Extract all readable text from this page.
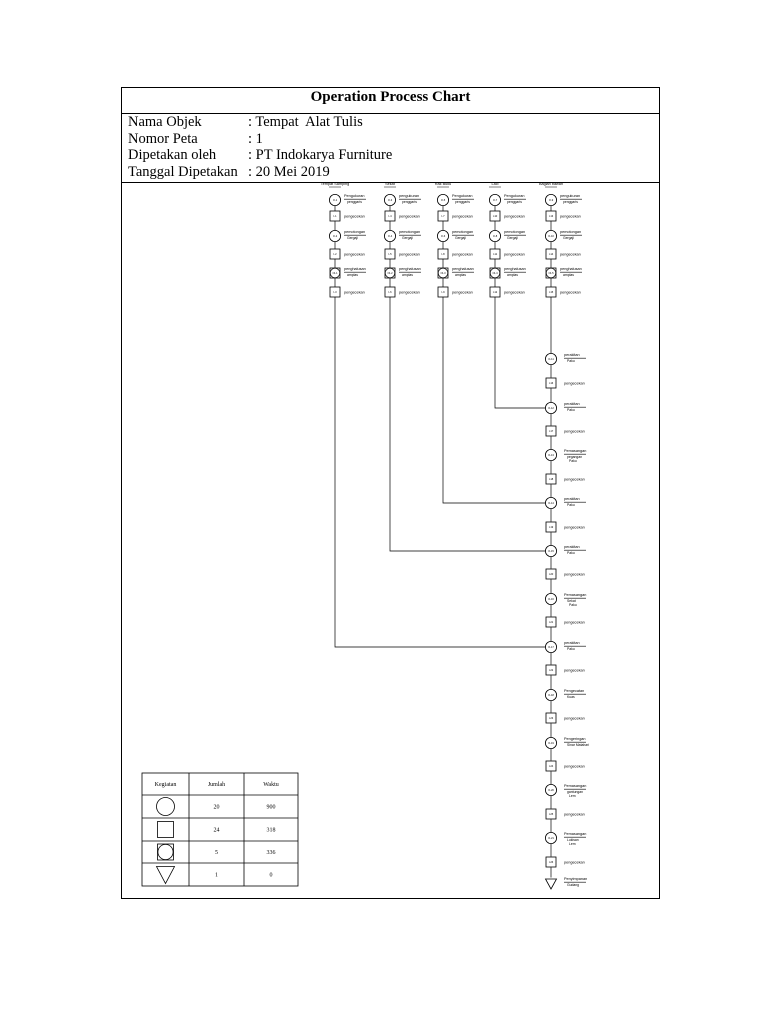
Operation Process Chart
Nama Objek	: Tempat  Alat Tulis
Nomor Peta	: 1
Dipetakan oleh : PT Indokarya Furniture
Tanggal Dipetakan : 20 Mei 2019
Tempat Samping
O-1
Pengukuran
penggaris
I-1 pengecekan
O-2
pemotongan
Gergaji
I-2 pengecekan
OI-1
penghalusan
amplas
I-3 pengecekan
Sekat
O-3
pengukuran
penggaris
I-4 pengecekan
O-4
pemotongan
Gergaji
I-5 pengecekan
OI-2
penghalusan
amplas
I-6 pengecekan
Rak Buku
O-5
Pengukuran
penggaris
I-7 pengecekan
O-6
pemotongan
Gergaji
I-8 pengecekan
OI-3
penghalusan
amplas
I-9 pengecekan
Laci
O-7
Pengukuran
penggaris
I-10 pengecekan
O-8
pemotongan
Gergaji
I-11 pengecekan
OI-4
penghalusan
amplas
I-12 pengecekan
Bagian bawah
O-9
pengukuran
penggaris
I-13 pengecekan
O-10
pemotongan
Gergaji
I-14 pengecekan
OI-5
penghalusan
amplas
I-15 pengecekan
O-11
perakitan
Paku
I-16	pengecekan
O-12
perakitan
Paku
I-17	pengecekan
O-13
Pemasangan
pegangan
Paku
I-18	pengecekan
O-14
perakitan
Paku
I-19	pengecekan
O-15
perakitan
Paku
I-20	pengecekan
O-16
Pemasangan
Sekat
Paku
I-21	pengecekan
O-17
perakitan
Paku
I-22	pengecekan
O-18
Pengecatan
Kuas
I-23	pengecekan
O-19
Pengeringan
Sinar Matahari
I-24	pengecekan
O-20
Pemasangan
gantungan
Lem
I-25	pengecekan
O-21
Pemasangan
Lukisan
Lem
I-26	pengecekan
Penyimpanan
Gudang
Kegiatan	Jumlah	Waktu
20	900
24	318
5	336
1	0
